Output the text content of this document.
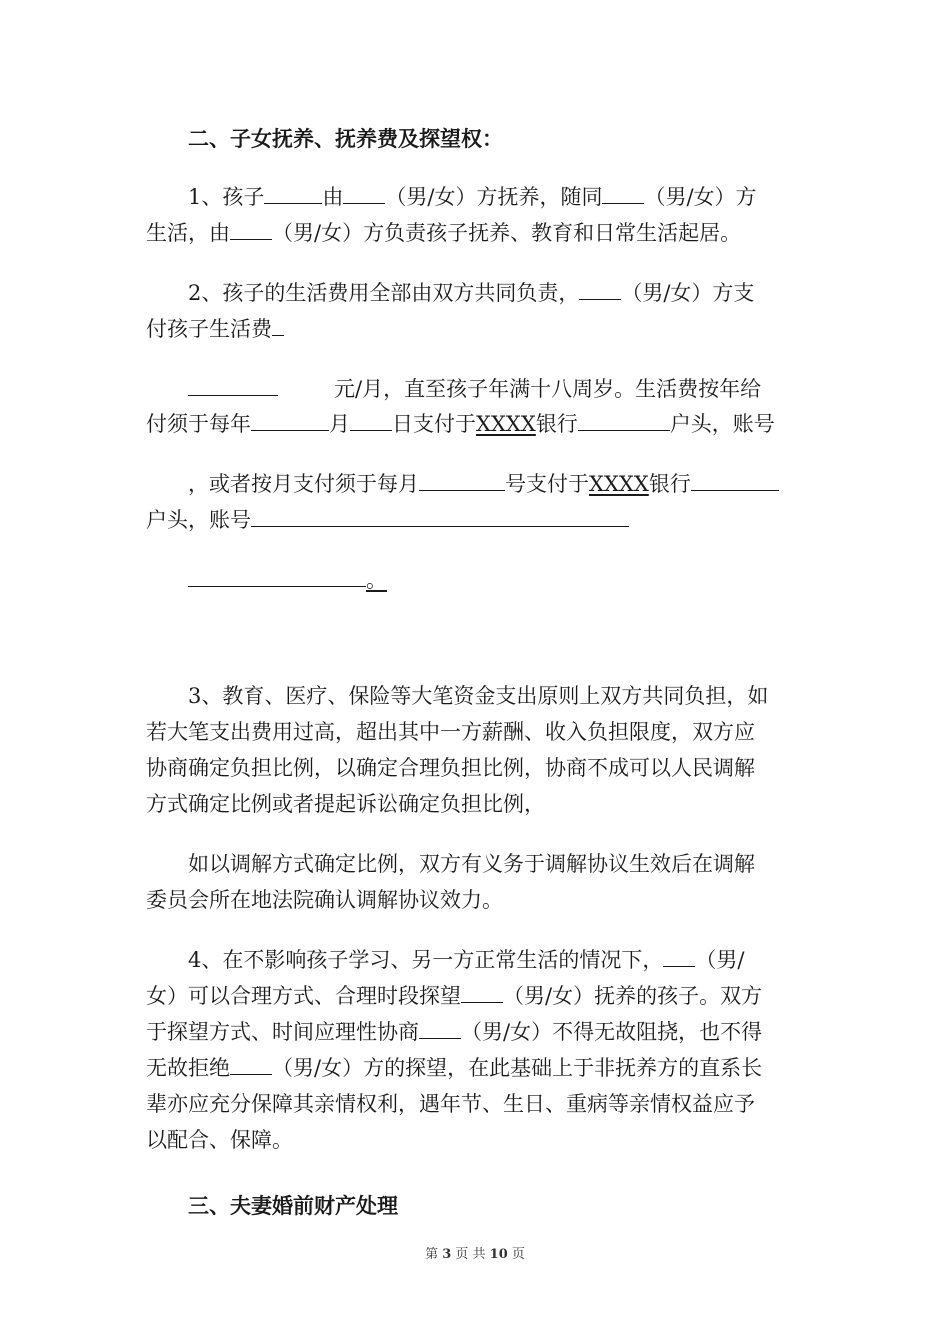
二、子女抚养、抚养费及探望权：
1、孩子	由 （男/女）方抚养，随同 （男/女）方
生活，由 （男/女）方负责孩子抚养、教育和日常生活起居。
2、孩子的生活费用全部由双方共同负责， （男/女）方支
付孩子生活费
元/月，直至孩子年满十八周岁。生活费按年给
付须于每年	月 日支付于XXXX银行	户头，账号
，或者按月支付须于每月	号支付于XXXX银行
户头，账号
。
3、教育、医疗、保险等大笔资金支出原则上双方共同负担，如
若大笔支出费用过高，超出其中一方薪酬、收入负担限度，双方应
协商确定负担比例，以确定合理负担比例，协商不成可以人民调解
方式确定比例或者提起诉讼确定负担比例，
如以调解方式确定比例，双方有义务于调解协议生效后在调解
委员会所在地法院确认调解协议效力。
4、在不影响孩子学习、另一方正常生活的情况下， （男/
女）可以合理方式、合理时段探望 （男/女）抚养的孩子。双方
于探望方式、时间应理性协商 （男/女）不得无故阻挠，也不得
无故拒绝 （男/女）方的探望，在此基础上于非抚养方的直系长
辈亦应充分保障其亲情权利，遇年节、生日、重病等亲情权益应予
以配合、保障。
三、夫妻婚前财产处理
第 3 页 共 10 页
